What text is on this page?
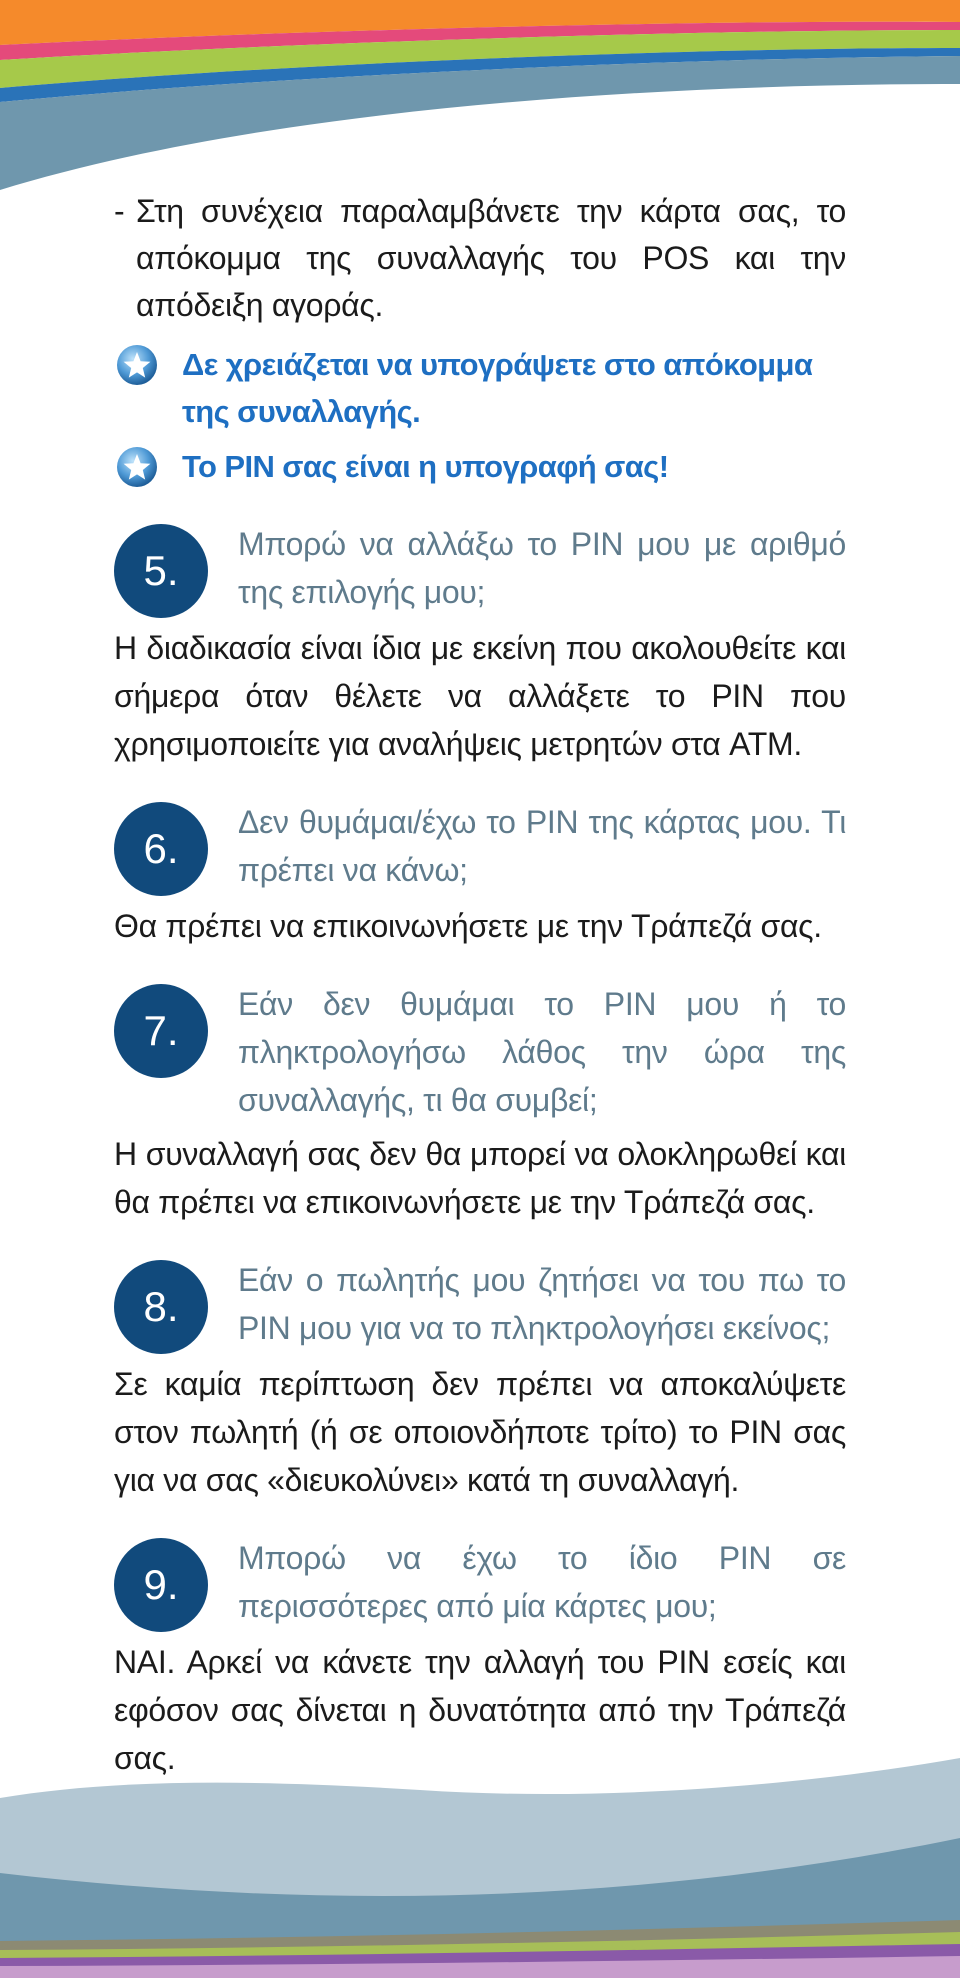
- Στη συνέχεια παραλαμβάνετε την κάρτα σας, το απόκομμα της συναλλαγής του POS και την απόδειξη αγοράς.
Δε χρειάζεται να υπογράψετε στο απόκομμα της συναλλαγής.
Το PIN σας είναι η υπογραφή σας!
5.
Μπορώ να αλλάξω το PIN μου με αριθμό της επιλογής μου;
Η διαδικασία είναι ίδια με εκείνη που ακολουθείτε και σήμερα όταν θέλετε να αλλάξετε το PIN που χρησιμοποιείτε για αναλήψεις μετρητών στα ATM.
6.
Δεν θυμάμαι/έχω το PIN της κάρτας μου. Τι πρέπει να κάνω;
Θα πρέπει να επικοινωνήσετε με την Τράπεζά σας.
7.
Εάν δεν θυμάμαι το PIN μου ή το πληκτρολογήσω λάθος την ώρα της συναλλαγής, τι θα συμβεί;
Η συναλλαγή σας δεν θα μπορεί να ολοκληρωθεί και θα πρέπει να επικοινωνήσετε με την Τράπεζά σας.
8.
Εάν ο πωλητής μου ζητήσει να του πω το PIN μου για να το πληκτρολογήσει εκείνος;
Σε καμία περίπτωση δεν πρέπει να αποκαλύψετε στον πωλητή (ή σε οποιονδήποτε τρίτο) το PIN σας για να σας «διευκολύνει» κατά τη συναλλαγή.
9.
Μπορώ να έχω το ίδιο PIN σε περισσότερες από μία κάρτες μου;
ΝΑΙ. Αρκεί να κάνετε την αλλαγή του PIN εσείς και εφόσον σας δίνεται η δυνατότητα από την Τράπεζά σας.
